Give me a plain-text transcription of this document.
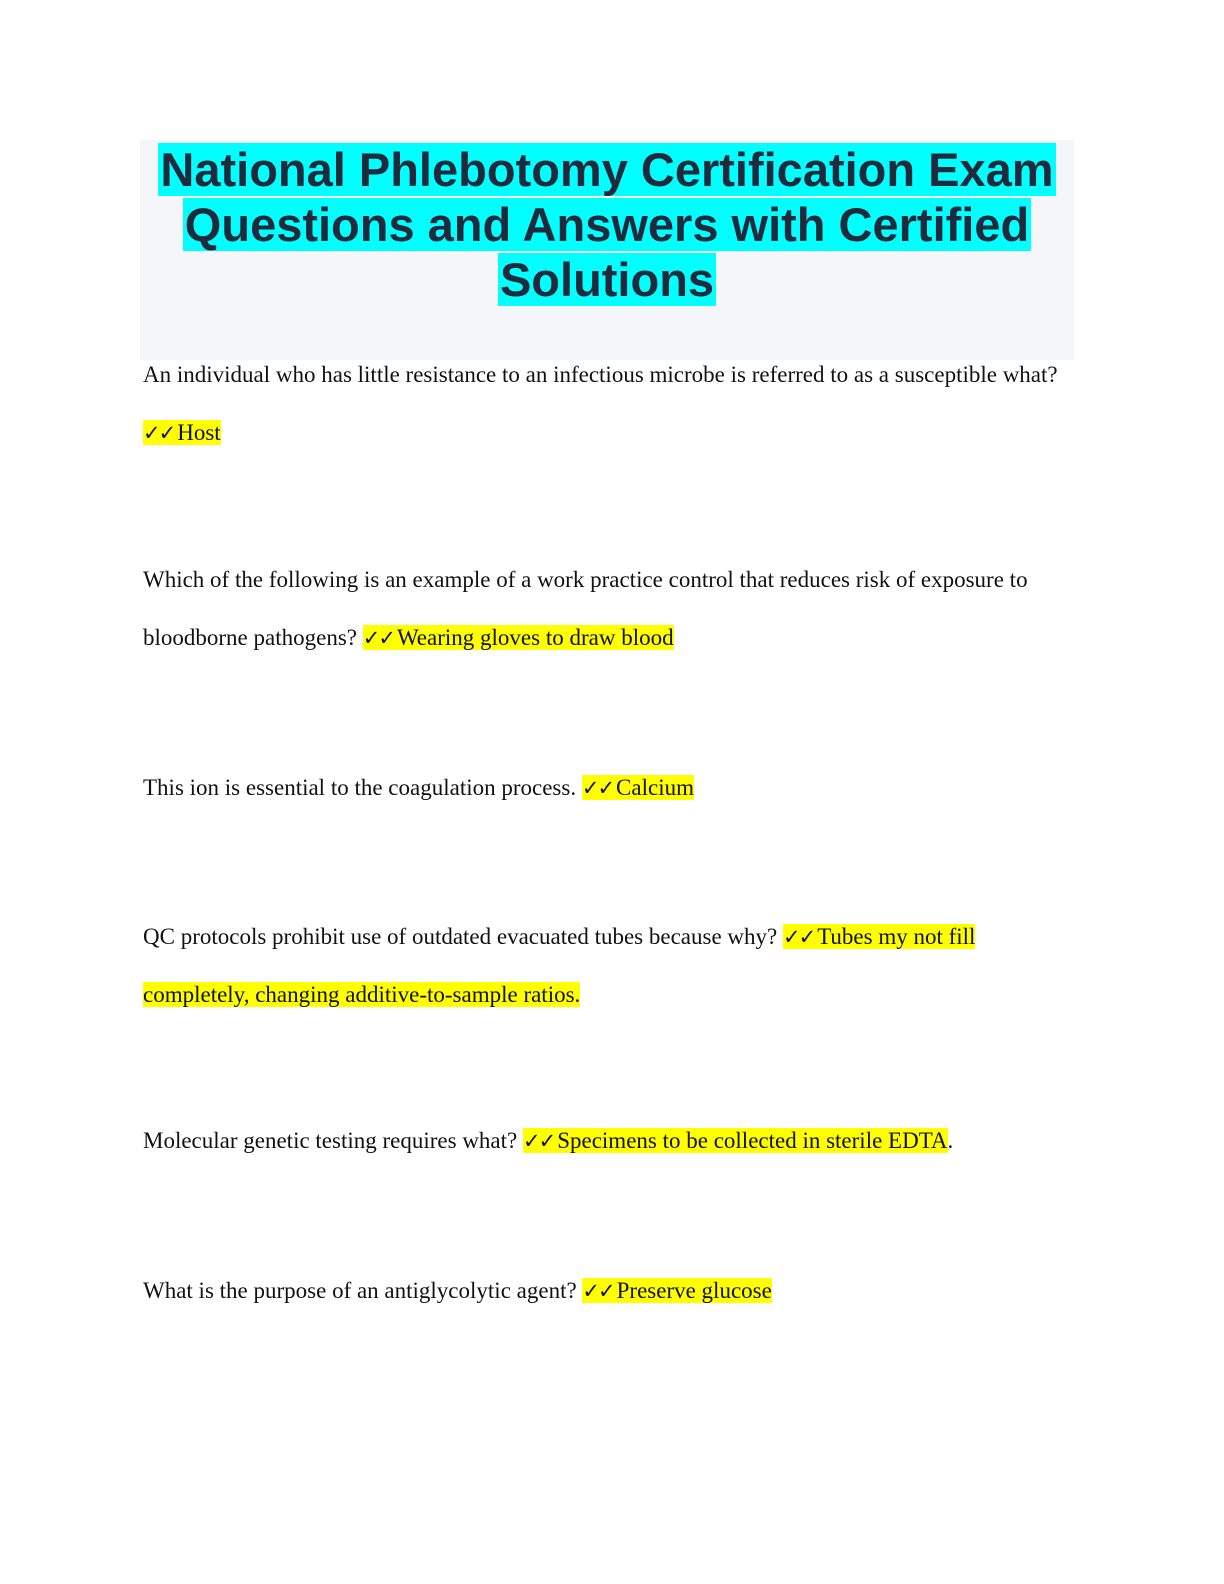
National Phlebotomy Certification Exam
Questions and Answers with Certified
Solutions

An individual who has little resistance to an infectious microbe is referred to as a susceptible what? ✓✓ Host

Which of the following is an example of a work practice control that reduces risk of exposure to bloodborne pathogens? ✓✓ Wearing gloves to draw blood

This ion is essential to the coagulation process. ✓✓ Calcium

QC protocols prohibit use of outdated evacuated tubes because why? ✓✓ Tubes my not fill completely, changing additive-to-sample ratios.

Molecular genetic testing requires what? ✓✓ Specimens to be collected in sterile EDTA.

What is the purpose of an antiglycolytic agent? ✓✓ Preserve glucose
